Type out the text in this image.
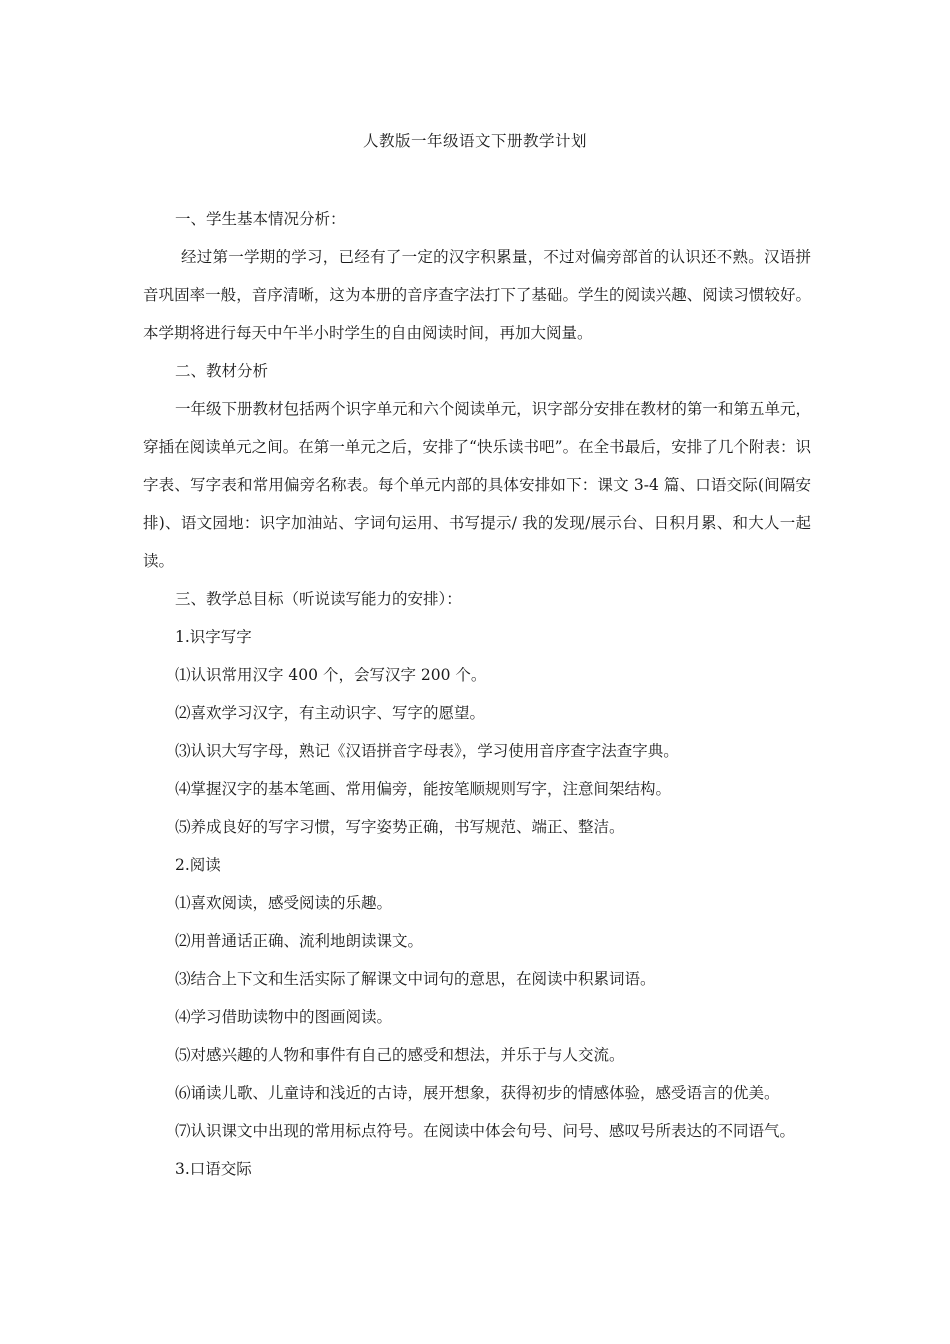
人教版一年级语文下册教学计划

一、学生基本情况分析：

经过第一学期的学习，已经有了一定的汉字积累量，不过对偏旁部首的认识还不熟。汉语拼音巩固率一般，音序清晰，这为本册的音序查字法打下了基础。学生的阅读兴趣、阅读习惯较好。本学期将进行每天中午半小时学生的自由阅读时间，再加大阅量。

二、教材分析

一年级下册教材包括两个识字单元和六个阅读单元，识字部分安排在教材的第一和第五单元，穿插在阅读单元之间。在第一单元之后，安排了“快乐读书吧”。在全书最后，安排了几个附表：识字表、写字表和常用偏旁名称表。每个单元内部的具体安排如下：课文 3-4 篇、口语交际(间隔安排)、语文园地：识字加油站、字词句运用、书写提示/ 我的发现/展示台、日积月累、和大人一起读。

三、教学总目标（听说读写能力的安排）：

1.识字写字

⑴认识常用汉字 400 个，会写汉字 200 个。

⑵喜欢学习汉字，有主动识字、写字的愿望。

⑶认识大写字母，熟记《汉语拼音字母表》，学习使用音序查字法查字典。

⑷掌握汉字的基本笔画、常用偏旁，能按笔顺规则写字，注意间架结构。

⑸养成良好的写字习惯，写字姿势正确，书写规范、端正、整洁。

2.阅读

⑴喜欢阅读，感受阅读的乐趣。

⑵用普通话正确、流利地朗读课文。

⑶结合上下文和生活实际了解课文中词句的意思，在阅读中积累词语。

⑷学习借助读物中的图画阅读。

⑸对感兴趣的人物和事件有自己的感受和想法，并乐于与人交流。

⑹诵读儿歌、儿童诗和浅近的古诗，展开想象，获得初步的情感体验，感受语言的优美。

⑺认识课文中出现的常用标点符号。在阅读中体会句号、问号、感叹号所表达的不同语气。

3.口语交际
